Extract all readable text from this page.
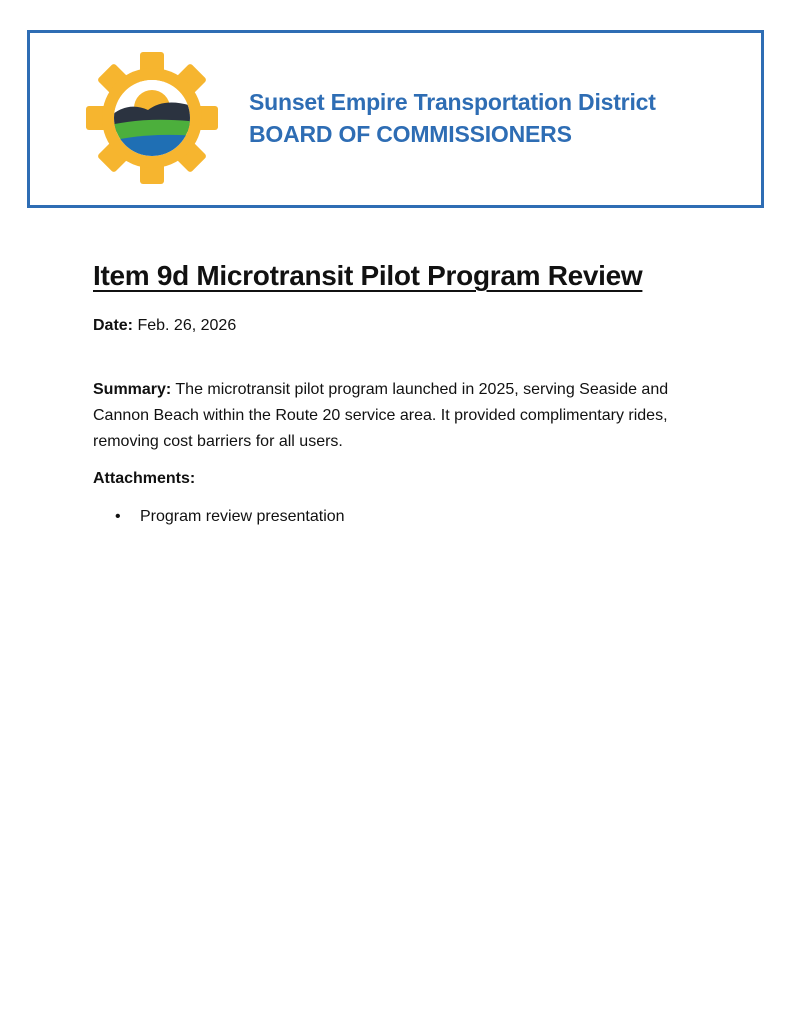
Sunset Empire Transportation District
BOARD OF COMMISSIONERS
Item 9d Microtransit Pilot Program Review
Date: Feb. 26, 2026
Summary: The microtransit pilot program launched in 2025, serving Seaside and Cannon Beach within the Route 20 service area. It provided complimentary rides, removing cost barriers for all users.
Attachments:
• Program review presentation
